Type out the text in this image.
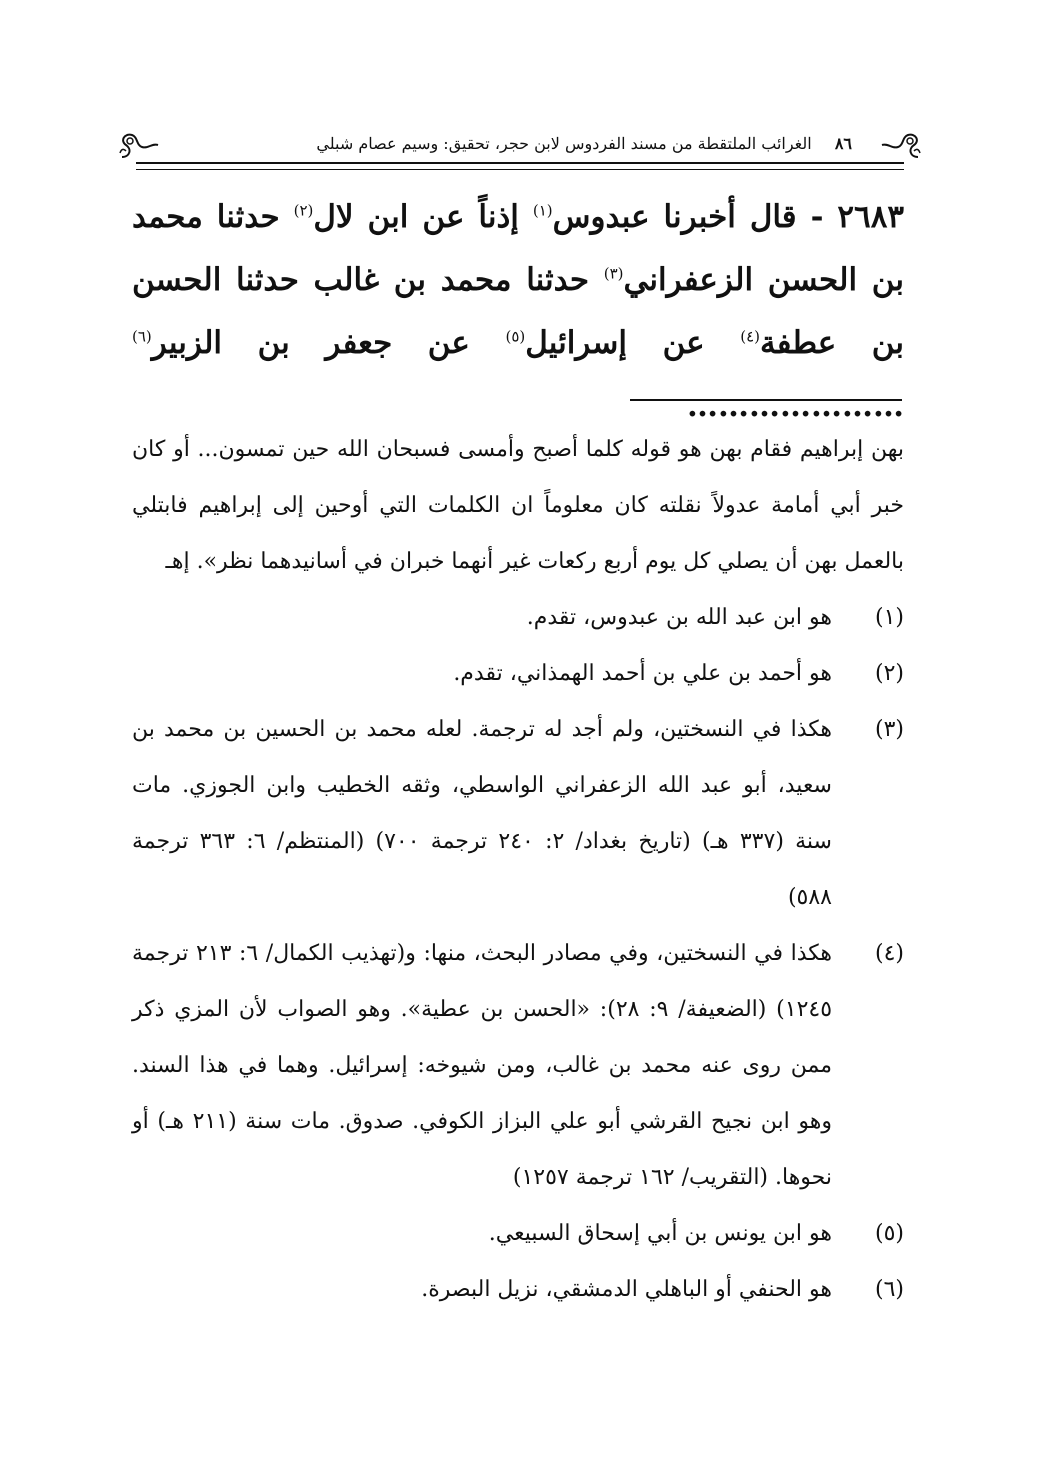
٨٦ الغرائب الملتقطة من مسند الفردوس لابن حجر، تحقيق: وسيم عصام شبلي

٢٦٨٣ - قال أخبرنا عبدوس$^{(١)}$ إذناً عن ابن لال$^{(٢)}$ حدثنا محمد بن الحسن الزعفراني$^{(٣)}$ حدثنا محمد بن غالب حدثنا الحسن بن عطفة$^{(٤)}$ عن إسرائيل$^{(٥)}$ عن جعفر بن الزبير$^{(٦)}$ …………………

بهن إبراهيم فقام بهن هو قوله كلما أصبح وأمسى فسبحان الله حين تمسون... أو كان خبر أبي أمامة عدولاً نقلته كان معلوماً ان الكلمات التي أوحين إلى إبراهيم فابتلي بالعمل بهن أن يصلي كل يوم أربع ركعات غير أنهما خبران في أسانيدهما نظر». إهـ

(١)
هو ابن عبد الله بن عبدوس، تقدم.
(٢)
هو أحمد بن علي بن أحمد الهمذاني، تقدم.
(٣)
هكذا في النسختين، ولم أجد له ترجمة. لعله محمد بن الحسين بن محمد بن سعيد، أبو عبد الله الزعفراني الواسطي، وثقه الخطيب وابن الجوزي. مات سنة (٣٣٧ هـ) (تاريخ بغداد/ ٢: ٢٤٠ ترجمة ٧٠٠) (المنتظم/ ٦: ٣٦٣ ترجمة ٥٨٨)
(٤)
هكذا في النسختين، وفي مصادر البحث، منها: و(تهذيب الكمال/ ٦: ٢١٣ ترجمة ١٢٤٥) (الضعيفة/ ٩: ٢٨): «الحسن بن عطية». وهو الصواب لأن المزي ذكر ممن روى عنه محمد بن غالب، ومن شيوخه: إسرائيل. وهما في هذا السند. وهو ابن نجيح القرشي أبو علي البزاز الكوفي. صدوق. مات سنة (٢١١ هـ) أو نحوها. (التقريب/ ١٦٢ ترجمة ١٢٥٧)
(٥)
هو ابن يونس بن أبي إسحاق السبيعي.
(٦)
هو الحنفي أو الباهلي الدمشقي، نزيل البصرة.
